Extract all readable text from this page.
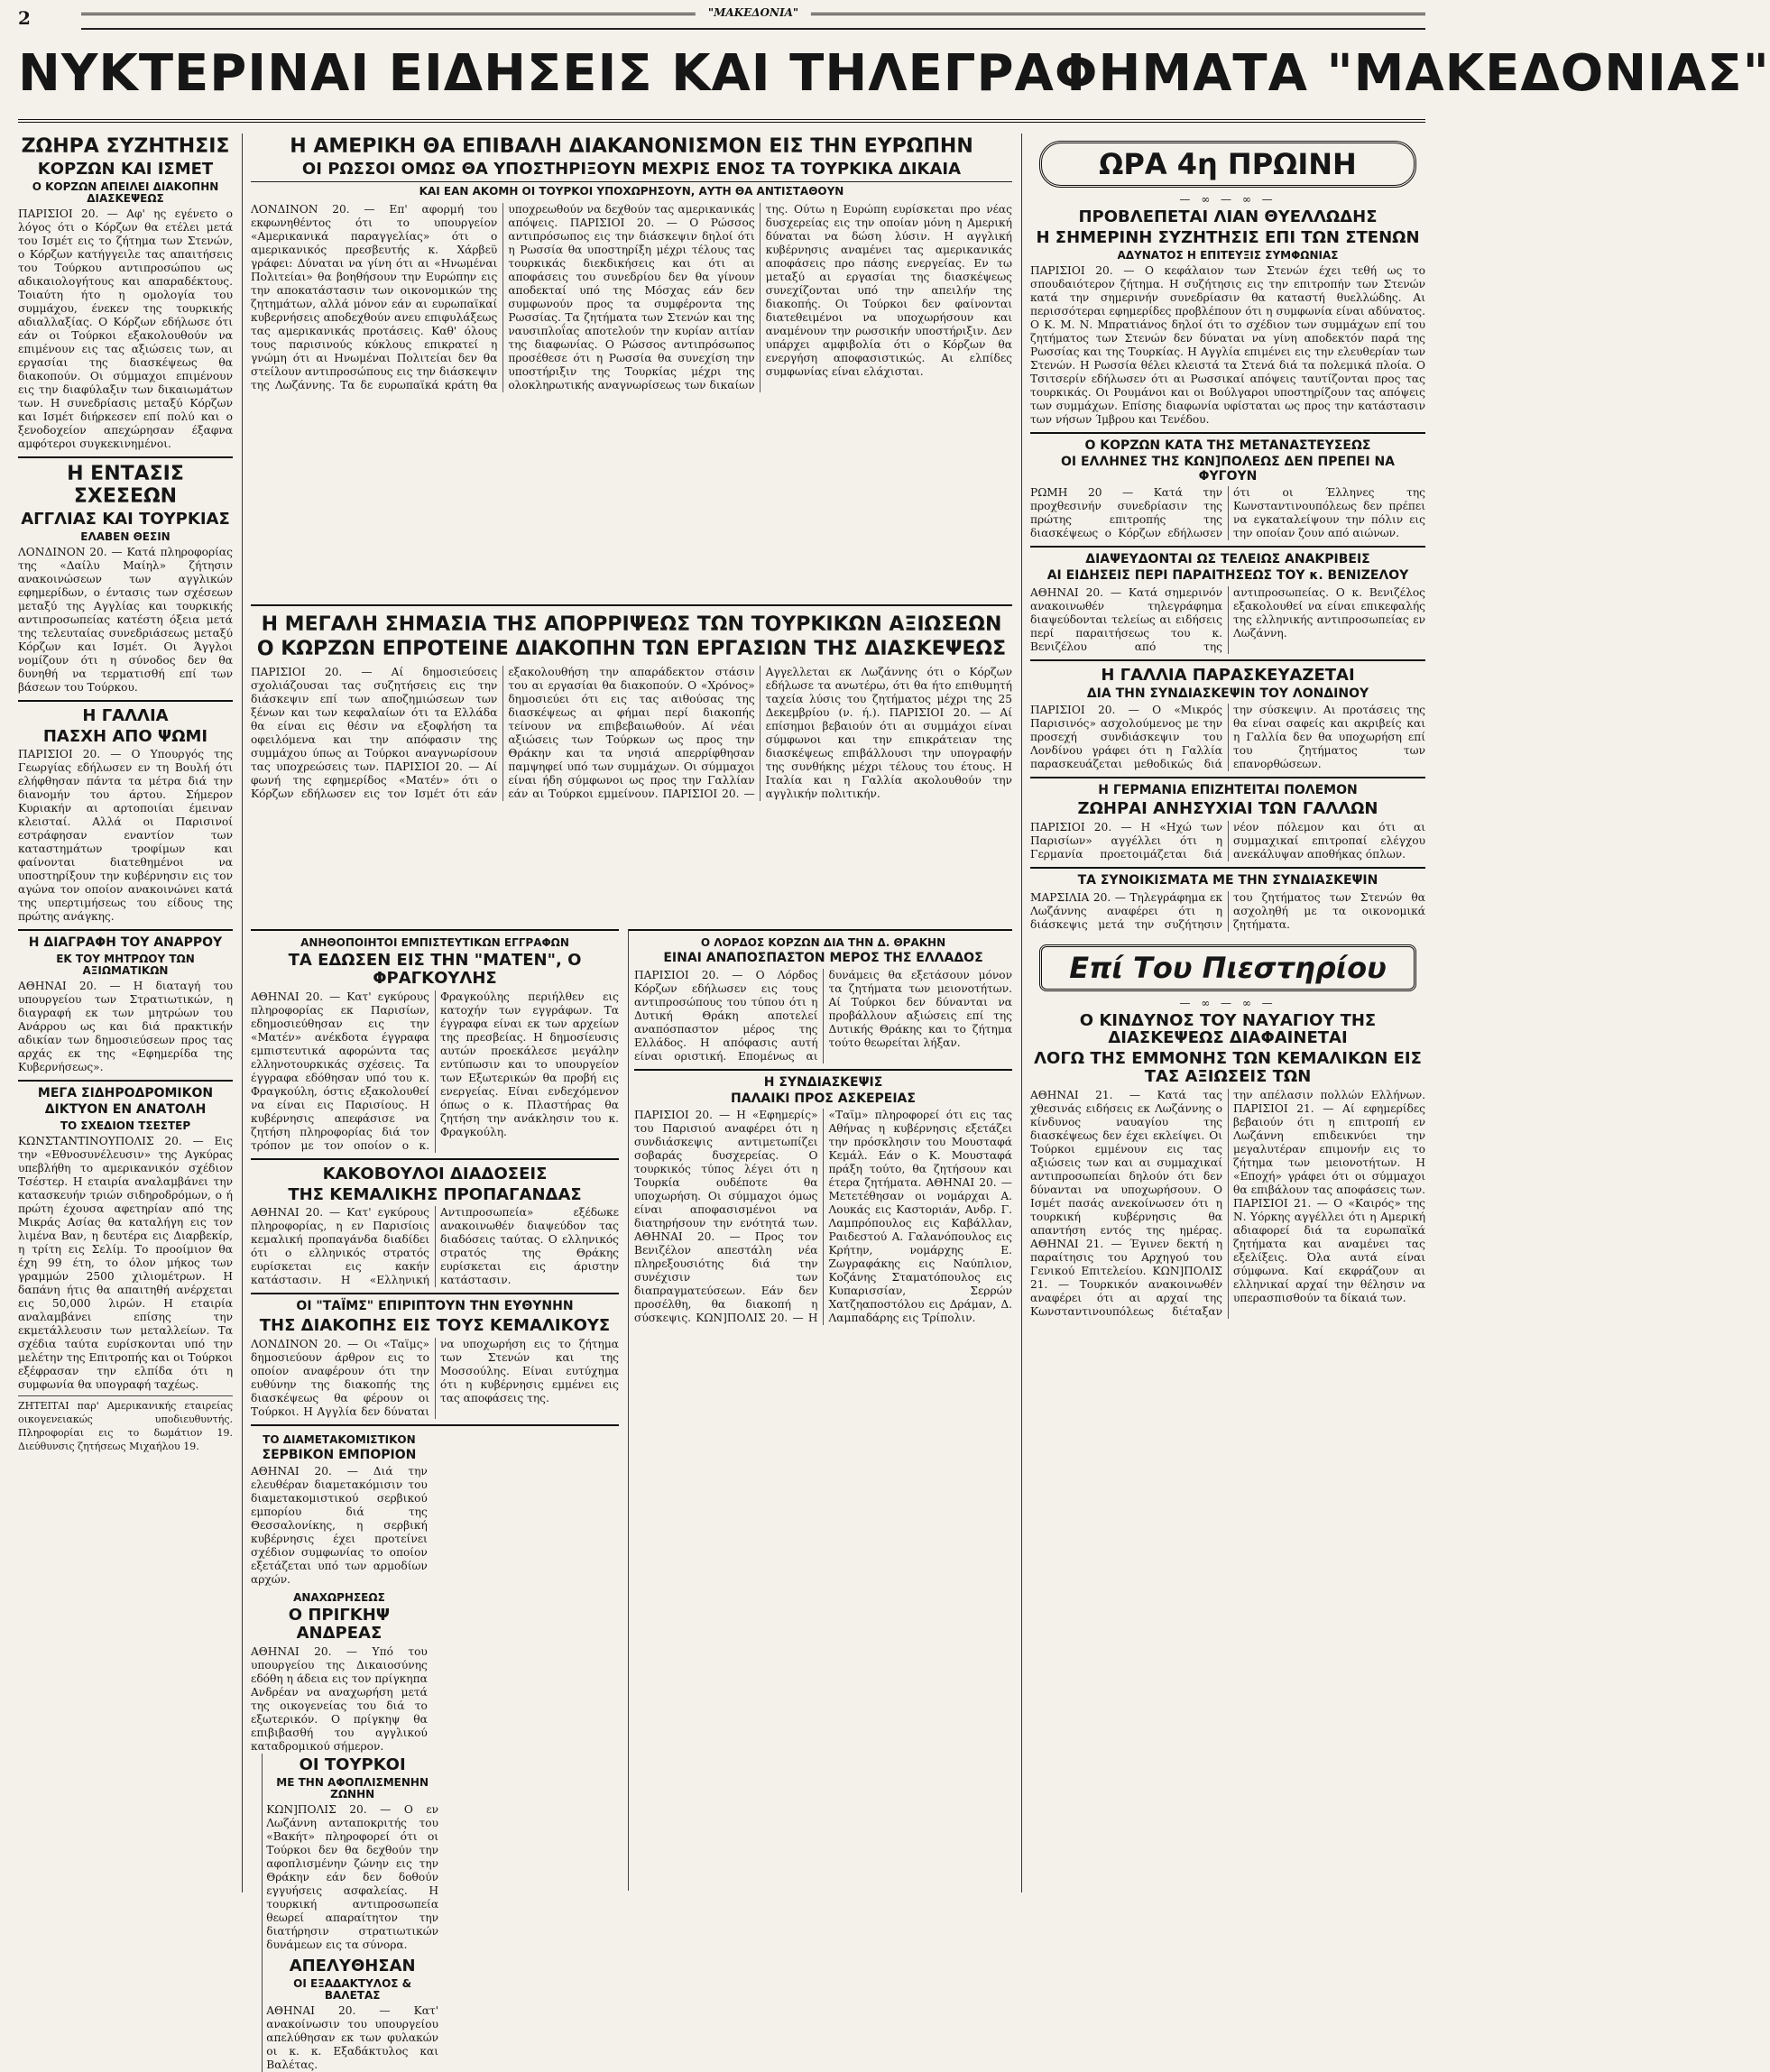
2	"ΜΑΚΕΔΟΝΙΑ"
ΝΥΚΤΕΡΙΝΑΙ ΕΙΔΗΣΕΙΣ ΚΑΙ ΤΗΛΕΓΡΑΦΗΜΑΤΑ "ΜΑΚΕΔΟΝΙΑΣ"
ΖΩΗΡΑ ΣΥΖΗΤΗΣΙΣ
ΚΟΡΖΩΝ ΚΑΙ ΙΣΜΕΤ
Ο ΚΟΡΖΩΝ ΑΠΕΙΛΕΙ ΔΙΑΚΟΠΗΝ ΔΙΑΣΚΕΨΕΩΣ

ΠΑΡΙΣΙΟΙ 20. — Αφ' ης εγένετο ο λόγος ότι ο Κόρζων θα ετέλει μετά του Ισμέτ εις το ζήτημα των Στενών, ο Κόρζων κατήγγειλε τας απαιτήσεις του Τούρκου αντιπροσώπου ως αδικαιολογήτους και απαραδέκτους. Τοιαύτη ήτο η ομολογία του συμμάχου, ένεκεν της τουρκικής αδιαλλαξίας. Ο Κόρζων εδήλωσε ότι εάν οι Τούρκοι εξακολουθούν να επιμένουν εις τας αξιώσεις των, αι εργασίαι της διασκέψεως θα διακοπούν. Οι σύμμαχοι επιμένουν εις την διαφύλαξιν των δικαιωμάτων των. Η συνεδρίασις μεταξύ Κόρζων και Ισμέτ διήρκεσεν επί πολύ και ο ξενοδοχείον απεχώρησαν έξαφνα αμφότεροι συγκεκινημένοι.

Η ΕΝΤΑΣΙΣ ΣΧΕΣΕΩΝ
ΑΓΓΛΙΑΣ ΚΑΙ ΤΟΥΡΚΙΑΣ
ΕΛΑΒΕΝ ΘΕΣΙΝ

ΛΟΝΔΙΝΟΝ 20. — Κατά πληροφορίας της «Δαίλυ Μαίηλ» ζήτησιν ανακοινώσεων των αγγλικών εφημερίδων, ο έντασις των σχέσεων μεταξύ της Αγγλίας και τουρκικής αντιπροσωπείας κατέστη όξεια μετά της τελευταίας συνεδριάσεως μεταξύ Κόρζων και Ισμέτ. Οι Άγγλοι νομίζουν ότι η σύνοδος δεν θα δυνηθή να τερματισθή επί των βάσεων του Τούρκου.

Η ΓΑΛΛΙΑ
ΠΑΣΧΗ ΑΠΟ ΨΩΜΙ

ΠΑΡΙΣΙΟΙ 20. — Ο Υπουργός της Γεωργίας εδήλωσεν εν τη Βουλή ότι ελήφθησαν πάντα τα μέτρα διά την διανομήν του άρτου. Σήμερον Κυριακήν αι αρτοποιίαι έμειναν κλεισταί. Αλλά οι Παρισινοί εστράφησαν εναντίον των καταστημάτων τροφίμων και φαίνονται διατεθημένοι να υποστηρίξουν την κυβέρνησιν εις τον αγώνα τον οποίον ανακοινώνει κατά της υπερτιμήσεως του είδους της πρώτης ανάγκης.

Η ΔΙΑΓΡΑΦΗ ΤΟΥ ΑΝΑΡΡΟΥ
ΕΚ ΤΟΥ ΜΗΤΡΩΟΥ ΤΩΝ ΑΞΙΩΜΑΤΙΚΩΝ

ΑΘΗΝΑΙ 20. — Η διαταγή του υπουργείου των Στρατιωτικών, η διαγραφή εκ των μητρώων του Ανάρρου ως και διά πρακτικήν αδικίαν των δημοσιεύσεων προς τας αρχάς εκ της «Εφημερίδα της Κυβερνήσεως».

ΜΕΓΑ ΣΙΔΗΡΟΔΡΟΜΙΚΟΝ
ΔΙΚΤΥΟΝ ΕΝ ΑΝΑΤΟΛΗ
ΤΟ ΣΧΕΔΙΟΝ ΤΣΕΣΤΕΡ

ΚΩΝΣΤΑΝΤΙΝΟΥΠΟΛΙΣ 20. — Εις την «Εθνοσυνέλευσιν» της Αγκύρας υπεβλήθη το αμερικανικόν σχέδιον Τσέστερ. Η εταιρία αναλαμβάνει την κατασκευήν τριών σιδηροδρόμων, ο ή πρώτη έχουσα αφετηρίαν από της Μικράς Ασίας θα καταλήγη εις τον λιμένα Βαν, η δευτέρα εις Διαρβεκίρ, η τρίτη εις Σελίμ. Το προοίμιον θα έχη 99 έτη, το όλον μήκος των γραμμών 2500 χιλιομέτρων. Η δαπάνη ήτις θα απαιτηθή ανέρχεται εις 50,000 λιρών. Η εταιρία αναλαμβάνει επίσης την εκμετάλλευσιν των μεταλλείων. Τα σχέδια ταύτα ευρίσκονται υπό την μελέτην της Επιτροπής και οι Τούρκοι εξέφρασαν την ελπίδα ότι η συμφωνία θα υπογραφή ταχέως.

ΖΗΤΕΙΤΑΙ παρ' Αμερικανικής εταιρείας οικογενειακώς υποδιευθυντής. Πληροφορίαι εις το δωμάτιον 19. Διεύθυνσις ζητήσεως Μιχαήλου 19.

Η ΑΜΕΡΙΚΗ ΘΑ ΕΠΙΒΑΛΗ ΔΙΑΚΑΝΟΝΙΣΜΟΝ ΕΙΣ ΤΗΝ ΕΥΡΩΠΗΝ
ΟΙ ΡΩΣΣΟΙ ΟΜΩΣ ΘΑ ΥΠΟΣΤΗΡΙΞΟΥΝ ΜΕΧΡΙΣ ΕΝΟΣ ΤΑ ΤΟΥΡΚΙΚΑ ΔΙΚΑΙΑ
ΚΑΙ ΕΑΝ ΑΚΟΜΗ ΟΙ ΤΟΥΡΚΟΙ ΥΠΟΧΩΡΗΣΟΥΝ, ΑΥΤΗ ΘΑ ΑΝΤΙΣΤΑΘΟΥΝ

ΛΟΝΔΙΝΟΝ 20. — Επ' αφορμή του εκφωνηθέντος ότι το υπουργείον «Αμερικανικά παραγγελίας» ότι ο αμερικανικός πρεσβευτής κ. Χάρβεϋ γράφει: Δύναται να γίνη ότι αι «Ηνωμέναι Πολιτείαι» θα βοηθήσουν την Ευρώπην εις την αποκατάστασιν των οικονομικών της ζητημάτων, αλλά μόνον εάν αι ευρωπαϊκαί κυβερνήσεις αποδεχθούν ανευ επιφυλάξεως τας αμερικανικάς προτάσεις. Καθ' όλους τους παρισινούς κύκλους επικρατεί η γνώμη ότι αι Ηνωμέναι Πολιτείαι δεν θα στείλουν αντιπροσώπους εις την διάσκεψιν της Λωζάννης. Τα δε ευρωπαϊκά κράτη θα υποχρεωθούν να δεχθούν τας αμερικανικάς απόψεις. ΠΑΡΙΣΙΟΙ 20. — Ο Ρώσσος αντιπρόσωπος εις την διάσκεψιν δηλοί ότι η Ρωσσία θα υποστηρίξη μέχρι τέλους τας τουρκικάς διεκδικήσεις και ότι αι αποφάσεις του συνεδρίου δεν θα γίνουν αποδεκταί υπό της Μόσχας εάν δεν συμφωνούν προς τα συμφέροντα της Ρωσσίας. Τα ζητήματα των Στενών και της ναυσιπλοΐας αποτελούν την κυρίαν αιτίαν της διαφωνίας. Ο Ρώσσος αντιπρόσωπος προσέθεσε ότι η Ρωσσία θα συνεχίση την υποστήριξιν της Τουρκίας μέχρι της ολοκληρωτικής αναγνωρίσεως των δικαίων της. Ούτω η Ευρώπη ευρίσκεται προ νέας δυσχερείας εις την οποίαν μόνη η Αμερική δύναται να δώση λύσιν. Η αγγλική κυβέρνησις αναμένει τας αμερικανικάς αποφάσεις προ πάσης ενεργείας. Εν τω μεταξύ αι εργασίαι της διασκέψεως συνεχίζονται υπό την απειλήν της διακοπής. Οι Τούρκοι δεν φαίνονται διατεθειμένοι να υποχωρήσουν και αναμένουν την ρωσσικήν υποστήριξιν. Δεν υπάρχει αμφιβολία ότι ο Κόρζων θα ενεργήση αποφασιστικώς. Αι ελπίδες συμφωνίας είναι ελάχισται.

Η ΜΕΓΑΛΗ ΣΗΜΑΣΙΑ ΤΗΣ ΑΠΟΡΡΙΨΕΩΣ ΤΩΝ ΤΟΥΡΚΙΚΩΝ ΑΞΙΩΣΕΩΝ
Ο ΚΩΡΖΩΝ ΕΠΡΟΤΕΙΝΕ ΔΙΑΚΟΠΗΝ ΤΩΝ ΕΡΓΑΣΙΩΝ ΤΗΣ ΔΙΑΣΚΕΨΕΩΣ

ΠΑΡΙΣΙΟΙ 20. — Αί δημοσιεύσεις σχολιάζουσαι τας συζητήσεις εις την διάσκεψιν επί των αποζημιώσεων των ξένων και των κεφαλαίων ότι τα Ελλάδα θα είναι εις θέσιν να εξοφλήση τα οφειλόμενα και την απόφασιν της συμμάχου ύπως αι Τούρκοι αναγνωρίσουν τας υποχρεώσεις των. ΠΑΡΙΣΙΟΙ 20. — Αί φωνή της εφημερίδος «Ματέν» ότι ο Κόρζων εδήλωσεν εις τον Ισμέτ ότι εάν εξακολουθήση την απαράδεκτον στάσιν του αι εργασίαι θα διακοπούν. Ο «Χρόνος» δημοσιεύει ότι εις τας αιθούσας της διασκέψεως αι φήμαι περί διακοπής τείνουν να επιβεβαιωθούν. Αί νέαι αξιώσεις των Τούρκων ως προς την Θράκην και τα νησιά απερρίφθησαν παμψηφεί υπό των συμμάχων. Οι σύμμαχοι είναι ήδη σύμφωνοι ως προς την Γαλλίαν εάν αι Τούρκοι εμμείνουν. ΠΑΡΙΣΙΟΙ 20. — Αγγελλεται εκ Λωζάννης ότι ο Κόρζων εδήλωσε τα ανωτέρω, ότι θα ήτο επιθυμητή ταχεία λύσις του ζητήματος μέχρι της 25 Δεκεμβρίου (ν. ή.). ΠΑΡΙΣΙΟΙ 20. — Αί επίσημοι βεβαιούν ότι αι συμμάχοι είναι σύμφωνοι και την επικράτειαν της διασκέψεως επιβάλλουσι την υπογραφήν της συνθήκης μέχρι τέλους του έτους. Η Ιταλία και η Γαλλία ακολουθούν την αγγλικήν πολιτικήν.

ΑΝΗΘΟΠΟΙΗΤΟΙ ΕΜΠΙΣΤΕΥΤΙΚΩΝ ΕΓΓΡΑΦΩΝ
ΤΑ ΕΔΩΣΕΝ ΕΙΣ ΤΗΝ "ΜΑΤΕΝ", Ο ΦΡΑΓΚΟΥΛΗΣ

ΑΘΗΝΑΙ 20. — Κατ' εγκύρους πληροφορίας εκ Παρισίων, εδημοσιεύθησαν εις την «Ματέν» ανέκδοτα έγγραφα εμπιστευτικά αφορώντα τας ελληνοτουρκικάς σχέσεις. Τα έγγραφα εδόθησαν υπό του κ. Φραγκούλη, όστις εξακολουθεί να είναι εις Παρισίους. Η κυβέρνησις απεφάσισε να ζητήση πληροφορίας διά τον τρόπον με τον οποίον ο κ. Φραγκούλης περιήλθεν εις κατοχήν των εγγράφων. Τα έγγραφα είναι εκ των αρχείων της πρεσβείας. Η δημοσίευσις αυτών προεκάλεσε μεγάλην εντύπωσιν και το υπουργείον των Εξωτερικών θα προβή εις ενεργείας. Είναι ενδεχόμενον όπως ο κ. Πλαστήρας θα ζητήση την ανάκλησιν του κ. Φραγκούλη.

ΚΑΚΟΒΟΥΛΟΙ ΔΙΑΔΟΣΕΙΣ
ΤΗΣ ΚΕΜΑΛΙΚΗΣ ΠΡΟΠΑΓΑΝΔΑΣ

ΑΘΗΝΑΙ 20. — Κατ' εγκύρους πληροφορίας, η εν Παρισίοις κεμαλική προπαγάνδα διαδίδει ότι ο ελληνικός στρατός ευρίσκεται εις κακήν κατάστασιν. Η «Ελληνική Αντιπροσωπεία» εξέδωκε ανακοινωθέν διαψεύδον τας διαδόσεις ταύτας. Ο ελληνικός στρατός της Θράκης ευρίσκεται εις άριστην κατάστασιν.

ΟΙ "ΤΑΪΜΣ" ΕΠΙΡΙΠΤΟΥΝ ΤΗΝ ΕΥΘΥΝΗΝ
ΤΗΣ ΔΙΑΚΟΠΗΣ ΕΙΣ ΤΟΥΣ ΚΕΜΑΛΙΚΟΥΣ

ΛΟΝΔΙΝΟΝ 20. — Οι «Ταϊμς» δημοσιεύουν άρθρον εις το οποίον αναφέρουν ότι την ευθύνην της διακοπής της διασκέψεως θα φέρουν οι Τούρκοι. Η Αγγλία δεν δύναται να υποχωρήση εις το ζήτημα των Στενών και της Μοσσούλης. Είναι ευτύχημα ότι η κυβέρνησις εμμένει εις τας αποφάσεις της.

ΤΟ ΔΙΑΜΕΤΑΚΟΜΙΣΤΙΚΟΝ
ΣΕΡΒΙΚΟΝ ΕΜΠΟΡΙΟΝ

ΑΘΗΝΑΙ 20. — Διά την ελευθέραν διαμετακόμισιν του διαμετακομιστικού σερβικού εμπορίου διά της Θεσσαλονίκης, η σερβική κυβέρνησις έχει προτείνει σχέδιον συμφωνίας το οποίον εξετάζεται υπό των αρμοδίων αρχών.

ΑΝΑΧΩΡΗΣΕΩΣ
Ο ΠΡΙΓΚΗΨ ΑΝΔΡΕΑΣ

ΑΘΗΝΑΙ 20. — Υπό του υπουργείου της Δικαιοσύνης εδόθη η άδεια εις τον πρίγκηπα Ανδρέαν να αναχωρήση μετά της οικογενείας του διά το εξωτερικόν. Ο πρίγκηψ θα επιβιβασθή του αγγλικού καταδρομικού σήμερον.

ΟΙ ΤΟΥΡΚΟΙ
ΜΕ ΤΗΝ ΑΦΟΠΛΙΣΜΕΝΗΝ ΖΩΝΗΝ

ΚΩΝ]ΠΟΛΙΣ 20. — Ο εν Λωζάννη ανταποκριτής του «Βακήτ» πληροφορεί ότι οι Τούρκοι δεν θα δεχθούν την αφοπλισμένην ζώνην εις την Θράκην εάν δεν δοθούν εγγυήσεις ασφαλείας. Η τουρκική αντιπροσωπεία θεωρεί απαραίτητον την διατήρησιν στρατιωτικών δυνάμεων εις τα σύνορα.

ΑΠΕΛΥΘΗΣΑΝ
ΟΙ ΕΞΑΔΑΚΤΥΛΟΣ & ΒΑΛΕΤΑΣ

ΑΘΗΝΑΙ 20. — Κατ' ανακοίνωσιν του υπουργείου απελύθησαν εκ των φυλακών οι κ. κ. Εξαδάκτυλος και Βαλέτας.

Ο ΛΟΡΔΟΣ ΚΟΡΖΩΝ ΔΙΑ ΤΗΝ Δ. ΘΡΑΚΗΝ
ΕΙΝΑΙ ΑΝΑΠΟΣΠΑΣΤΟΝ ΜΕΡΟΣ ΤΗΣ ΕΛΛΑΔΟΣ

ΠΑΡΙΣΙΟΙ 20. — Ο Λόρδος Κόρζων εδήλωσεν εις τους αντιπροσώπους του τύπου ότι η Δυτική Θράκη αποτελεί αναπόσπαστον μέρος της Ελλάδος. Η απόφασις αυτή είναι οριστική. Επομένως αι δυνάμεις θα εξετάσουν μόνον τα ζητήματα των μειονοτήτων. Αί Τούρκοι δεν δύνανται να προβάλλουν αξιώσεις επί της Δυτικής Θράκης και το ζήτημα τούτο θεωρείται λήξαν.

Η ΣΥΝΔΙΑΣΚΕΨΙΣ
ΠΑΛΑΙΚΙ ΠΡΟΣ ΑΣΚΕΡΕΙΑΣ

ΠΑΡΙΣΙΟΙ 20. — Η «Εφημερίς» του Παρισιού αναφέρει ότι η συνδιάσκεψις αντιμετωπίζει σοβαράς δυσχερείας. Ο τουρκικός τύπος λέγει ότι η Τουρκία ουδέποτε θα υποχωρήση. Οι σύμμαχοι όμως είναι αποφασισμένοι να διατηρήσουν την ενότητά των. ΑΘΗΝΑΙ 20. — Προς τον Βενιζέλον απεστάλη νέα πληρεξουσιότης διά την συνέχισιν των διαπραγματεύσεων. Εάν δεν προσέλθη, θα διακοπή η σύσκεψις. ΚΩΝ]ΠΟΛΙΣ 20. — Η «Ταϊμ» πληροφορεί ότι εις τας Αθήνας η κυβέρνησις εξετάζει την πρόσκλησιν του Μουσταφά Κεμάλ. Εάν ο Κ. Μουσταφά πράξη τούτο, θα ζητήσουν και έτερα ζητήματα. ΑΘΗΝΑΙ 20. — Μετετέθησαν οι νομάρχαι Α. Λουκάς εις Καστοριάν, Ανδρ. Γ. Λαμπρόπουλος εις Καβάλλαν, Ραιδεστού Α. Γαλανόπουλος εις Κρήτην, νομάρχης Ε. Ζωγραφάκης εις Ναύπλιον, Κοζάνης Σταματόπουλος εις Κυπαρισσίαν, Σερρών Χατζηαποστόλου εις Δράμαν, Δ. Λαμπαδάρης εις Τρίπολιν.

ΩΡΑ 4η ΠΡΩΙΝΗ
— ∞ — ∞ —
ΠΡΟΒΛΕΠΕΤΑΙ ΛΙΑΝ ΘΥΕΛΛΩΔΗΣ
Η ΣΗΜΕΡΙΝΗ ΣΥΖΗΤΗΣΙΣ ΕΠΙ ΤΩΝ ΣΤΕΝΩΝ
ΑΔΥΝΑΤΟΣ Η ΕΠΙΤΕΥΞΙΣ ΣΥΜΦΩΝΙΑΣ

ΠΑΡΙΣΙΟΙ 20. — Ο κεφάλαιον των Στενών έχει τεθή ως το σπουδαιότερον ζήτημα. Η συζήτησις εις την επιτροπήν των Στενών κατά την σημερινήν συνεδρίασιν θα καταστή θυελλώδης. Αι περισσότεραι εφημερίδες προβλέπουν ότι η συμφωνία είναι αδύνατος. Ο Κ. Μ. Ν. Μπρατιάνος δηλοί ότι το σχέδιον των συμμάχων επί του ζητήματος των Στενών δεν δύναται να γίνη αποδεκτόν παρά της Ρωσσίας και της Τουρκίας. Η Αγγλία επιμένει εις την ελευθερίαν των Στενών. Η Ρωσσία θέλει κλειστά τα Στενά διά τα πολεμικά πλοία. Ο Τσιτσερίν εδήλωσεν ότι αι Ρωσσικαί απόψεις ταυτίζονται προς τας τουρκικάς. Οι Ρουμάνοι και οι Βούλγαροι υποστηρίζουν τας απόψεις των συμμάχων. Επίσης διαφωνία υφίσταται ως προς την κατάστασιν των νήσων Ίμβρου και Τενέδου.

Ο ΚΟΡΖΩΝ ΚΑΤΑ ΤΗΣ ΜΕΤΑΝΑΣΤΕΥΣΕΩΣ
ΟΙ ΕΛΛΗΝΕΣ ΤΗΣ ΚΩΝ]ΠΟΛΕΩΣ ΔΕΝ ΠΡΕΠΕΙ ΝΑ ΦΥΓΟΥΝ

ΡΩΜΗ 20 — Κατά την προχθεσινήν συνεδρίασιν της πρώτης επιτροπής της διασκέψεως ο Κόρζων εδήλωσεν ότι οι Έλληνες της Κωνσταντινουπόλεως δεν πρέπει να εγκαταλείψουν την πόλιν εις την οποίαν ζουν από αιώνων.

ΔΙΑΨΕΥΔΟΝΤΑΙ ΩΣ ΤΕΛΕΙΩΣ ΑΝΑΚΡΙΒΕΙΣ
ΑΙ ΕΙΔΗΣΕΙΣ ΠΕΡΙ ΠΑΡΑΙΤΗΣΕΩΣ ΤΟΥ κ. ΒΕΝΙΖΕΛΟΥ

ΑΘΗΝΑΙ 20. — Κατά σημερινόν ανακοινωθέν τηλεγράφημα διαψεύδονται τελείως αι ειδήσεις περί παραιτήσεως του κ. Βενιζέλου από της αντιπροσωπείας. Ο κ. Βενιζέλος εξακολουθεί να είναι επικεφαλής της ελληνικής αντιπροσωπείας εν Λωζάννη.

Η ΓΑΛΛΙΑ ΠΑΡΑΣΚΕΥΑΖΕΤΑΙ
ΔΙΑ ΤΗΝ ΣΥΝΔΙΑΣΚΕΨΙΝ ΤΟΥ ΛΟΝΔΙΝΟΥ

ΠΑΡΙΣΙΟΙ 20. — Ο «Μικρός Παρισινός» ασχολούμενος με την προσεχή συνδιάσκεψιν του Λονδίνου γράφει ότι η Γαλλία παρασκευάζεται μεθοδικώς διά την σύσκεψιν. Αι προτάσεις της θα είναι σαφείς και ακριβείς και η Γαλλία δεν θα υποχωρήση επί του ζητήματος των επανορθώσεων.

Η ΓΕΡΜΑΝΙΑ ΕΠΙΖΗΤΕΙΤΑΙ ΠΟΛΕΜΟΝ
ΖΩΗΡΑΙ ΑΝΗΣΥΧΙΑΙ ΤΩΝ ΓΑΛΛΩΝ

ΠΑΡΙΣΙΟΙ 20. — Η «Ηχώ των Παρισίων» αγγέλλει ότι η Γερμανία προετοιμάζεται διά νέον πόλεμον και ότι αι συμμαχικαί επιτροπαί ελέγχου ανεκάλυψαν αποθήκας όπλων.

ΤΑ ΣΥΝΟΙΚΙΣΜΑΤΑ ΜΕ ΤΗΝ ΣΥΝΔΙΑΣΚΕΨΙΝ

ΜΑΡΣΙΛΙΑ 20. — Τηλεγράφημα εκ Λωζάννης αναφέρει ότι η διάσκεψις μετά την συζήτησιν του ζητήματος των Στενών θα ασχοληθή με τα οικονομικά ζητήματα.

Επί Του Πιεστηρίου
— ∞ — ∞ —
Ο ΚΙΝΔΥΝΟΣ ΤΟΥ ΝΑΥΑΓΙΟΥ ΤΗΣ ΔΙΑΣΚΕΨΕΩΣ ΔΙΑΦΑΙΝΕΤΑΙ
ΛΟΓΩ ΤΗΣ ΕΜΜΟΝΗΣ ΤΩΝ ΚΕΜΑΛΙΚΩΝ ΕΙΣ ΤΑΣ ΑΞΙΩΣΕΙΣ ΤΩΝ

ΑΘΗΝΑΙ 21. — Κατά τας χθεσινάς ειδήσεις εκ Λωζάννης ο κίνδυνος ναυαγίου της διασκέψεως δεν έχει εκλείψει. Οι Τούρκοι εμμένουν εις τας αξιώσεις των και αι συμμαχικαί αντιπροσωπείαι δηλούν ότι δεν δύνανται να υποχωρήσουν. Ο Ισμέτ πασάς ανεκοίνωσεν ότι η τουρκική κυβέρνησις θα απαντήση εντός της ημέρας. ΑΘΗΝΑΙ 21. — Έγινεν δεκτή η παραίτησις του Αρχηγού του Γενικού Επιτελείου. ΚΩΝ]ΠΟΛΙΣ 21. — Τουρκικόν ανακοινωθέν αναφέρει ότι αι αρχαί της Κωνσταντινουπόλεως διέταξαν την απέλασιν πολλών Ελλήνων. ΠΑΡΙΣΙΟΙ 21. — Αί εφημερίδες βεβαιούν ότι η επιτροπή εν Λωζάννη επιδεικνύει την μεγαλυτέραν επιμονήν εις το ζήτημα των μειονοτήτων. Η «Εποχή» γράφει ότι οι σύμμαχοι θα επιβάλουν τας αποφάσεις των. ΠΑΡΙΣΙΟΙ 21. — Ο «Καιρός» της Ν. Υόρκης αγγέλλει ότι η Αμερική αδιαφορεί διά τα ευρωπαϊκά ζητήματα και αναμένει τας εξελίξεις. Όλα αυτά είναι σύμφωνα. Καί εκφράζουν αι ελληνικαί αρχαί την θέλησιν να υπερασπισθούν τα δίκαιά των.
